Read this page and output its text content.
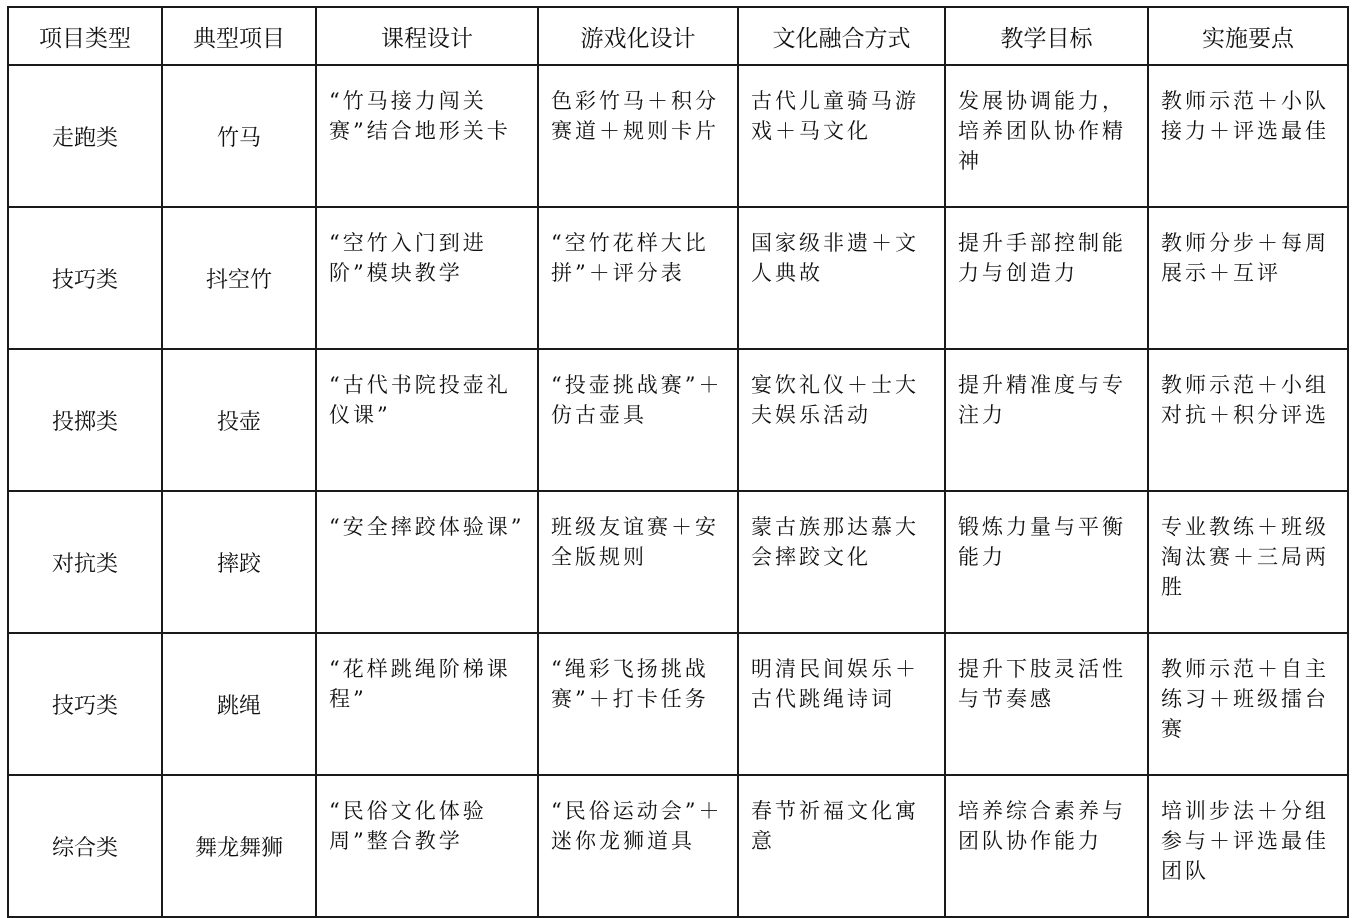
项目类型	典型项目	课程设计	游戏化设计	文化融合方式	教学目标	实施要点
走跑类	竹马	“竹马接力闯关赛”结合地形关卡	色彩竹马＋积分赛道＋规则卡片	古代儿童骑马游戏＋马文化	发展协调能力，培养团队协作精神	教师示范＋小队接力＋评选最佳
技巧类	抖空竹	“空竹入门到进阶”模块教学	“空竹花样大比拼”＋评分表	国家级非遗＋文人典故	提升手部控制能力与创造力	教师分步＋每周展示＋互评
投掷类	投壶	“古代书院投壶礼仪课”	“投壶挑战赛”＋仿古壶具	宴饮礼仪＋士大夫娱乐活动	提升精准度与专注力	教师示范＋小组对抗＋积分评选
对抗类	摔跤	“安全摔跤体验课”	班级友谊赛＋安全版规则	蒙古族那达慕大会摔跤文化	锻炼力量与平衡能力	专业教练＋班级淘汰赛＋三局两胜
技巧类	跳绳	“花样跳绳阶梯课程”	“绳彩飞扬挑战赛”＋打卡任务	明清民间娱乐＋古代跳绳诗词	提升下肢灵活性与节奏感	教师示范＋自主练习＋班级擂台赛
综合类	舞龙舞狮	“民俗文化体验周”整合教学	“民俗运动会”＋迷你龙狮道具	春节祈福文化寓意	培养综合素养与团队协作能力	培训步法＋分组参与＋评选最佳团队
